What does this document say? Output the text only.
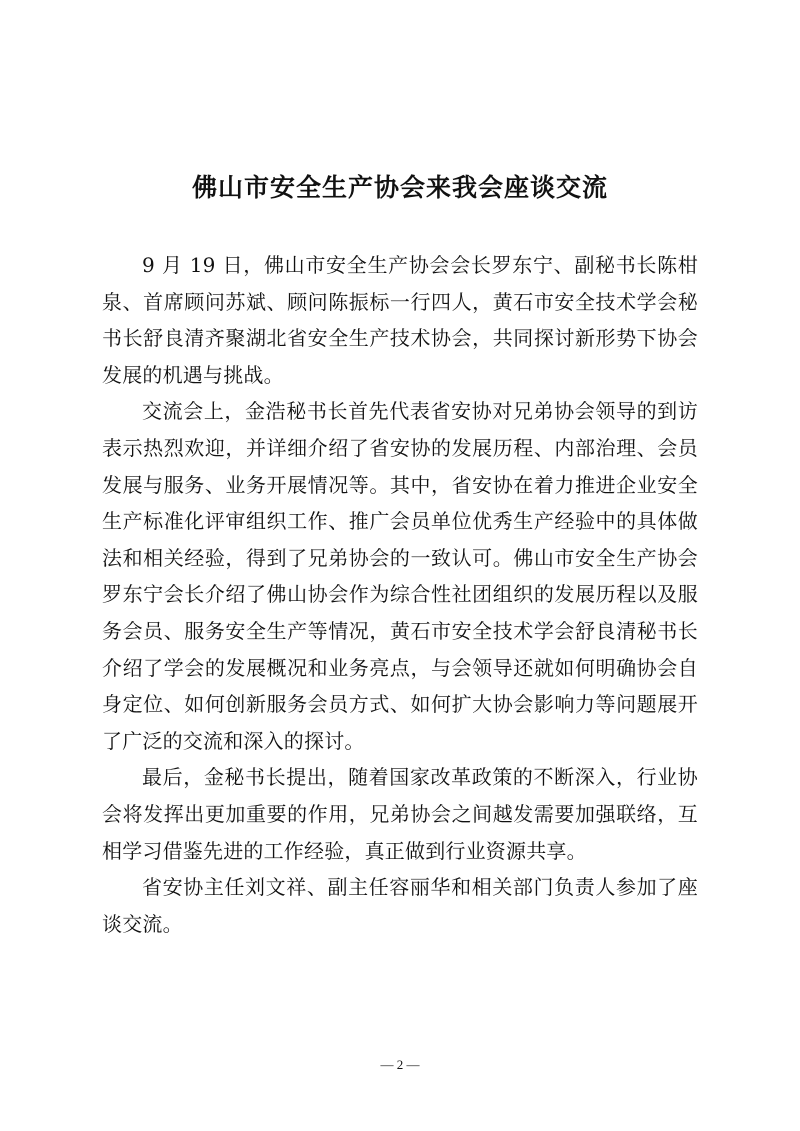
佛山市安全生产协会来我会座谈交流

9 月 19 日，佛山市安全生产协会会长罗东宁、副秘书长陈柑泉、首席顾问苏斌、顾问陈振标一行四人，黄石市安全技术学会秘书长舒良清齐聚湖北省安全生产技术协会，共同探讨新形势下协会发展的机遇与挑战。

交流会上，金浩秘书长首先代表省安协对兄弟协会领导的到访表示热烈欢迎，并详细介绍了省安协的发展历程、内部治理、会员发展与服务、业务开展情况等。其中，省安协在着力推进企业安全生产标准化评审组织工作、推广会员单位优秀生产经验中的具体做法和相关经验，得到了兄弟协会的一致认可。佛山市安全生产协会罗东宁会长介绍了佛山协会作为综合性社团组织的发展历程以及服务会员、服务安全生产等情况，黄石市安全技术学会舒良清秘书长介绍了学会的发展概况和业务亮点，与会领导还就如何明确协会自身定位、如何创新服务会员方式、如何扩大协会影响力等问题展开了广泛的交流和深入的探讨。

最后，金秘书长提出，随着国家改革政策的不断深入，行业协会将发挥出更加重要的作用，兄弟协会之间越发需要加强联络，互相学习借鉴先进的工作经验，真正做到行业资源共享。

省安协主任刘文祥、副主任容丽华和相关部门负责人参加了座谈交流。

— 2 —
